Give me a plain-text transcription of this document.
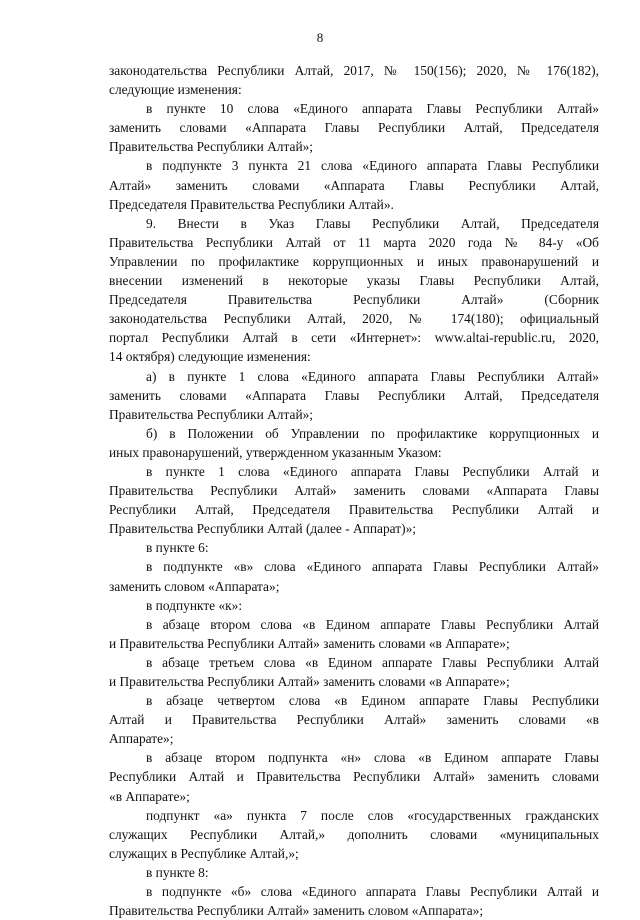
8
законодательства Республики Алтай, 2017, № 150(156); 2020, № 176(182),
следующие изменения:
в пункте 10 слова «Единого аппарата Главы Республики Алтай»
заменить словами «Аппарата Главы Республики Алтай, Председателя
Правительства Республики Алтай»;
в подпункте 3 пункта 21 слова «Единого аппарата Главы Республики
Алтай» заменить словами «Аппарата Главы Республики Алтай,
Председателя Правительства Республики Алтай».
9. Внести в Указ Главы Республики Алтай, Председателя
Правительства Республики Алтай от 11 марта 2020 года № 84-у «Об
Управлении по профилактике коррупционных и иных правонарушений и
внесении изменений в некоторые указы Главы Республики Алтай,
Председателя Правительства Республики Алтай» (Сборник
законодательства Республики Алтай, 2020, № 174(180); официальный
портал Республики Алтай в сети «Интернет»: www.altai-republic.ru, 2020,
14 октября) следующие изменения:
а) в пункте 1 слова «Единого аппарата Главы Республики Алтай»
заменить словами «Аппарата Главы Республики Алтай, Председателя
Правительства Республики Алтай»;
б) в Положении об Управлении по профилактике коррупционных и
иных правонарушений, утвержденном указанным Указом:
в пункте 1 слова «Единого аппарата Главы Республики Алтай и
Правительства Республики Алтай» заменить словами «Аппарата Главы
Республики Алтай, Председателя Правительства Республики Алтай и
Правительства Республики Алтай (далее - Аппарат)»;
в пункте 6:
в подпункте «в» слова «Единого аппарата Главы Республики Алтай»
заменить словом «Аппарата»;
в подпункте «к»:
в абзаце втором слова «в Едином аппарате Главы Республики Алтай
и Правительства Республики Алтай» заменить словами «в Аппарате»;
в абзаце третьем слова «в Едином аппарате Главы Республики Алтай
и Правительства Республики Алтай» заменить словами «в Аппарате»;
в абзаце четвертом слова «в Едином аппарате Главы Республики
Алтай и Правительства Республики Алтай» заменить словами «в
Аппарате»;
в абзаце втором подпункта «н» слова «в Едином аппарате Главы
Республики Алтай и Правительства Республики Алтай» заменить словами
«в Аппарате»;
подпункт «а» пункта 7 после слов «государственных гражданских
служащих Республики Алтай,» дополнить словами «муниципальных
служащих в Республике Алтай,»;
в пункте 8:
в подпункте «б» слова «Единого аппарата Главы Республики Алтай и
Правительства Республики Алтай» заменить словом «Аппарата»;
